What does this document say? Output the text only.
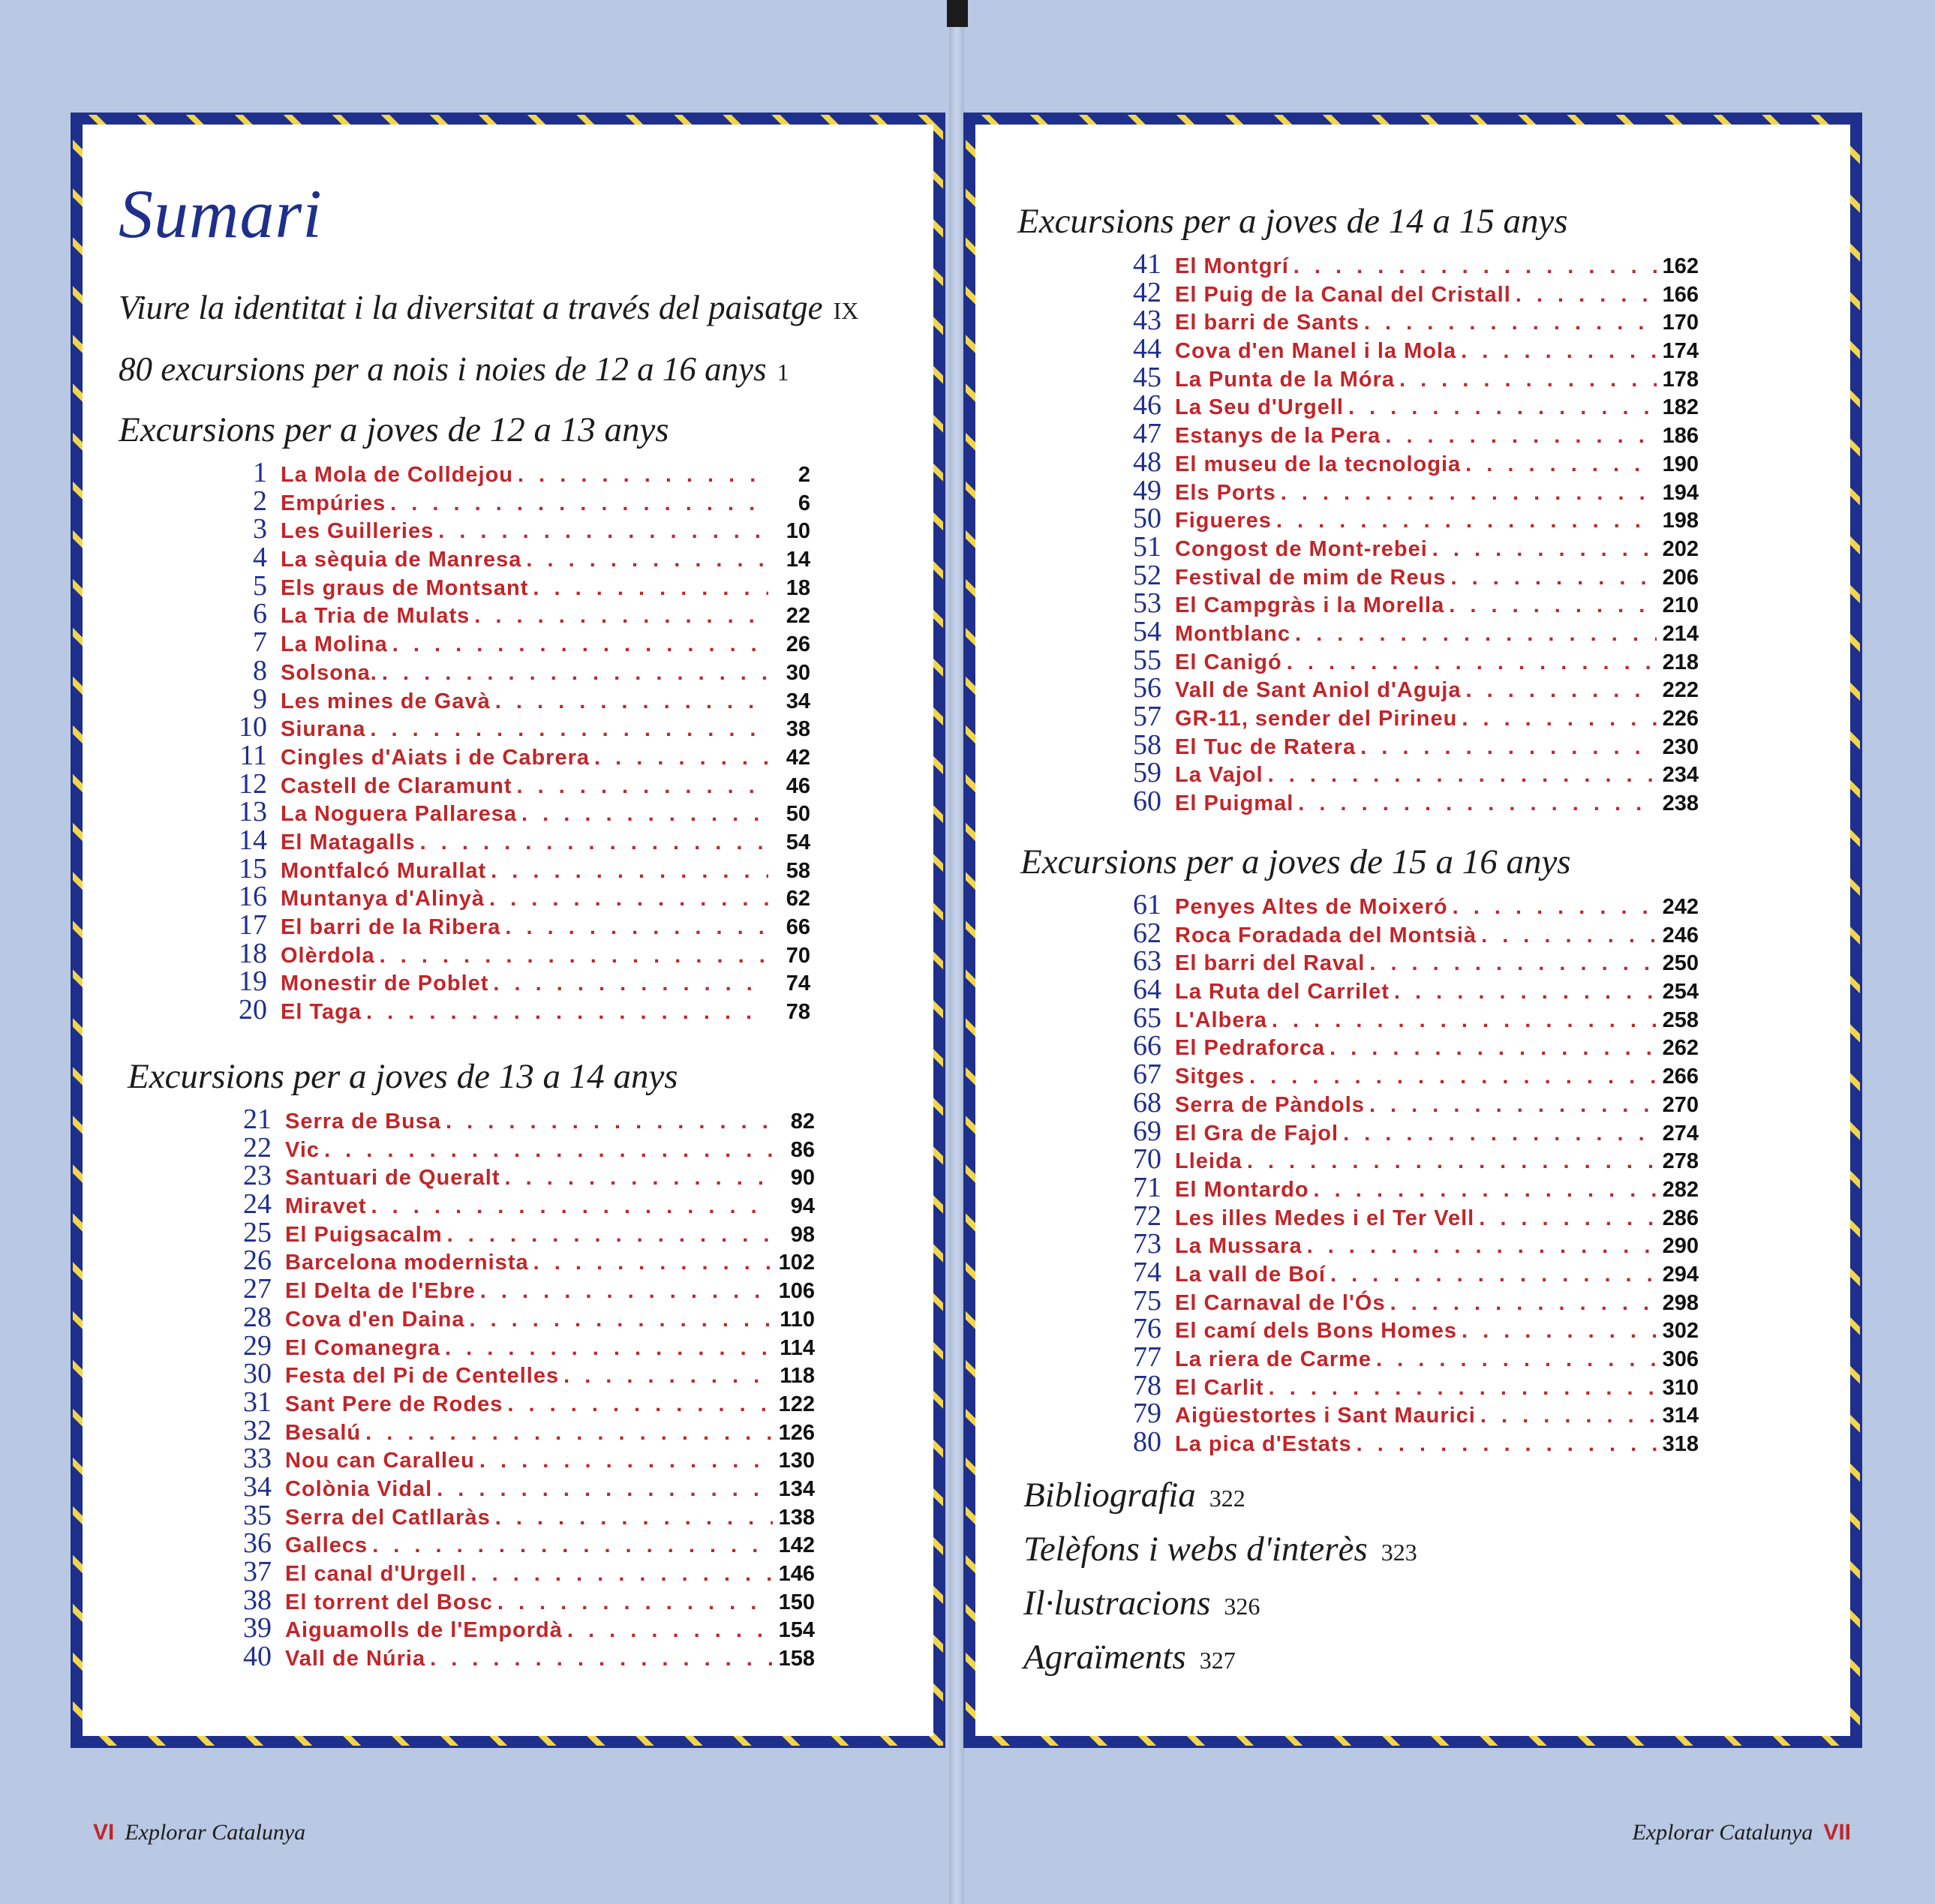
Sumari
Viure la identitat i la diversitat a través del paisatge IX
80 excursions per a nois i noies de 12 a 16 anys 1
Excursions per a joves de 12 a 13 anys
1 La Mola de Colldejou . . .	2
2 Empúries . . .	6
3 Les Guilleries . . .	10
4 La sèquia de Manresa . . .	14
5 Els graus de Montsant . . .	18
6 La Tria de Mulats . . .	22
7 La Molina . . .	26
8 Solsona. . . .	30
9 Les mines de Gavà . . .	34
10 Siurana . . .	38
11 Cingles d'Aiats i de Cabrera . . .	42
12 Castell de Claramunt . . .	46
13 La Noguera Pallaresa . . .	50
14 El Matagalls . . .	54
15 Montfalcó Murallat . . .	58
16 Muntanya d'Alinyà . . .	62
17 El barri de la Ribera . . .	66
18 Olèrdola . . .	70
19 Monestir de Poblet . . .	74
20 El Taga . . .	78
Excursions per a joves de 13 a 14 anys
21 Serra de Busa . . .	82
22 Vic . . .	86
23 Santuari de Queralt . . .	90
24 Miravet . . .	94
25 El Puigsacalm . . .	98
26 Barcelona modernista . . .	102
27 El Delta de l'Ebre . . .	106
28 Cova d'en Daina . . .	110
29 El Comanegra . . .	114
30 Festa del Pi de Centelles . . .	118
31 Sant Pere de Rodes . . .	122
32 Besalú . . .	126
33 Nou can Caralleu . . .	130
34 Colònia Vidal . . .	134
35 Serra del Catllaràs . . .	138
36 Gallecs . . .	142
37 El canal d'Urgell . . .	146
38 El torrent del Bosc . . .	150
39 Aiguamolls de l'Empordà . . .	154
40 Vall de Núria . . .	158
Excursions per a joves de 14 a 15 anys
41 El Montgrí . . .	162
42 El Puig de la Canal del Cristall . . .	166
43 El barri de Sants . . .	170
44 Cova d'en Manel i la Mola . . .	174
45 La Punta de la Móra . . .	178
46 La Seu d'Urgell . . .	182
47 Estanys de la Pera . . .	186
48 El museu de la tecnologia . . .	190
49 Els Ports . . .	194
50 Figueres . . .	198
51 Congost de Mont-rebei . . .	202
52 Festival de mim de Reus . . .	206
53 El Campgràs i la Morella . . .	210
54 Montblanc . . .	214
55 El Canigó . . .	218
56 Vall de Sant Aniol d'Aguja . . .	222
57 GR-11, sender del Pirineu . . .	226
58 El Tuc de Ratera . . .	230
59 La Vajol . . .	234
60 El Puigmal . . .	238
Excursions per a joves de 15 a 16 anys
61 Penyes Altes de Moixeró . . .	242
62 Roca Foradada del Montsià . . .	246
63 El barri del Raval . . .	250
64 La Ruta del Carrilet . . .	254
65 L'Albera . . .	258
66 El Pedraforca . . .	262
67 Sitges . . .	266
68 Serra de Pàndols . . .	270
69 El Gra de Fajol . . .	274
70 Lleida . . .	278
71 El Montardo . . .	282
72 Les illes Medes i el Ter Vell . . .	286
73 La Mussara . . .	290
74 La vall de Boí . . .	294
75 El Carnaval de l'Ós . . .	298
76 El camí dels Bons Homes . . .	302
77 La riera de Carme . . .	306
78 El Carlit . . .	310
79 Aigüestortes i Sant Maurici . . .	314
80 La pica d'Estats . . .	318
Bibliografia 322
Telèfons i webs d'interès 323
Il·lustracions 326
Agraïments 327
VI Explorar Catalunya	Explorar Catalunya VII
